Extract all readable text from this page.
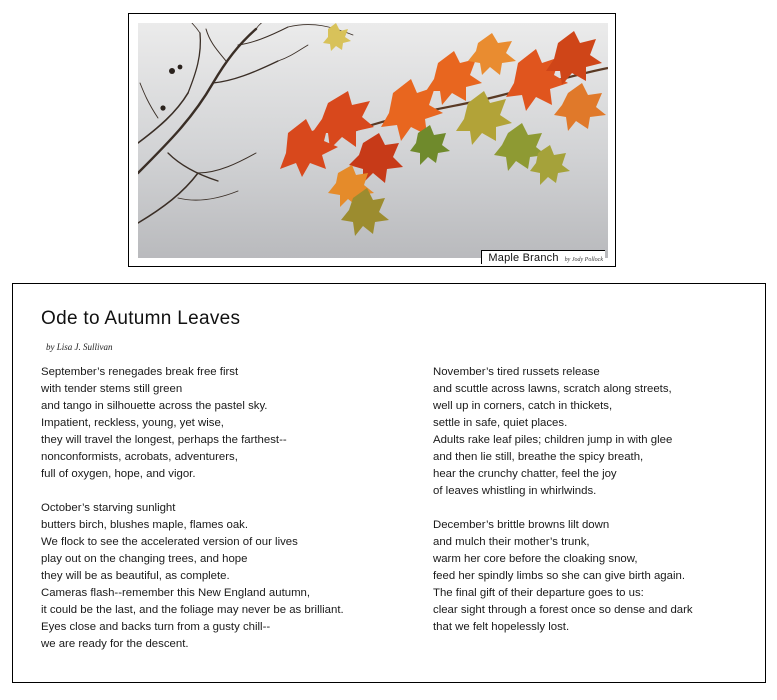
Maple Branch by Jody Pollock
Ode to Autumn Leaves
by Lisa J. Sullivan
September’s renegades break free first
with tender stems still green
and tango in silhouette across the pastel sky.
Impatient, reckless, young, yet wise,
they will travel the longest, perhaps the farthest--
nonconformists, acrobats, adventurers,
full of oxygen, hope, and vigor.
October’s starving sunlight
butters birch, blushes maple, flames oak.
We flock to see the accelerated version of our lives
play out on the changing trees, and hope
they will be as beautiful, as complete.
Cameras flash--remember this New England autumn,
it could be the last, and the foliage may never be as brilliant.
Eyes close and backs turn from a gusty chill--
we are ready for the descent.
November’s tired russets release
and scuttle across lawns, scratch along streets,
well up in corners, catch in thickets,
settle in safe, quiet places.
Adults rake leaf piles; children jump in with glee
and then lie still, breathe the spicy breath,
hear the crunchy chatter, feel the joy
of leaves whistling in whirlwinds.
December’s brittle browns lilt down
and mulch their mother’s trunk,
warm her core before the cloaking snow,
feed her spindly limbs so she can give birth again.
The final gift of their departure goes to us:
clear sight through a forest once so dense and dark
that we felt hopelessly lost.
